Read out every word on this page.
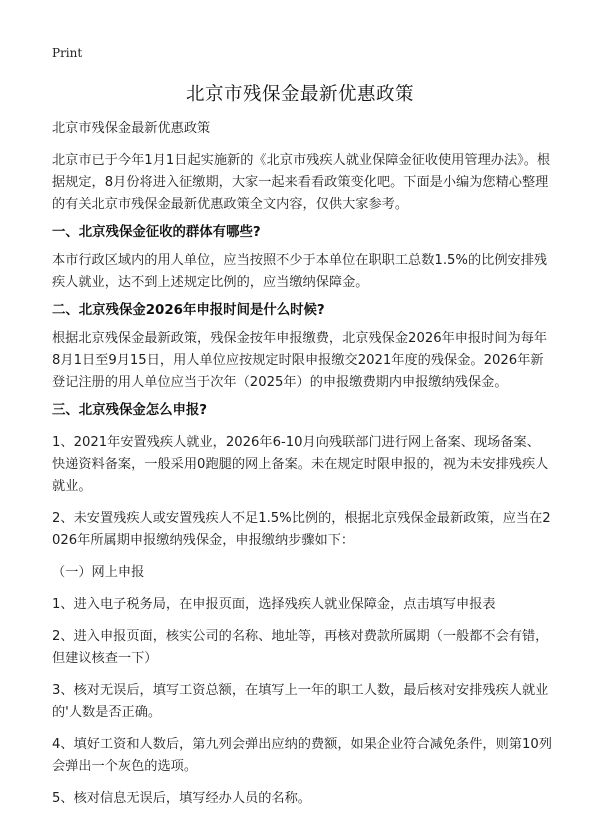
Print
北京市残保金最新优惠政策

北京市残保金最新优惠政策

北京市已于今年1月1日起实施新的《北京市残疾人就业保障金征收使用管理办法》。根据规定，8月份将进入征缴期，大家一起来看看政策变化吧。下面是小编为您精心整理的有关北京市残保金最新优惠政策全文内容，仅供大家参考。

一、北京残保金征收的群体有哪些?

本市行政区域内的用人单位，应当按照不少于本单位在职职工总数1.5%的比例安排残疾人就业，达不到上述规定比例的，应当缴纳保障金。

二、北京残保金2026年申报时间是什么时候?

根据北京残保金最新政策，残保金按年申报缴费，北京残保金2026年申报时间为每年8月1日至9月15日，用人单位应按规定时限申报缴交2021年度的残保金。2026年新登记注册的用人单位应当于次年（2025年）的申报缴费期内申报缴纳残保金。

三、北京残保金怎么申报?

1、2021年安置残疾人就业，2026年6-10月向残联部门进行网上备案、现场备案、快递资料备案，一般采用0跑腿的网上备案。未在规定时限申报的，视为未安排残疾人就业。

2、未安置残疾人或安置残疾人不足1.5%比例的，根据北京残保金最新政策，应当在2026年所属期申报缴纳残保金，申报缴纳步骤如下：

（一）网上申报

1、进入电子税务局，在申报页面，选择残疾人就业保障金，点击填写申报表

2、进入申报页面，核实公司的名称、地址等，再核对费款所属期（一般都不会有错，但建议核查一下）

3、核对无误后，填写工资总额，在填写上一年的职工人数，最后核对安排残疾人就业的'人数是否正确。

4、填好工资和人数后，第九列会弹出应纳的费额，如果企业符合减免条件，则第10列会弹出一个灰色的选项。

5、核对信息无误后，填写经办人员的名称。
